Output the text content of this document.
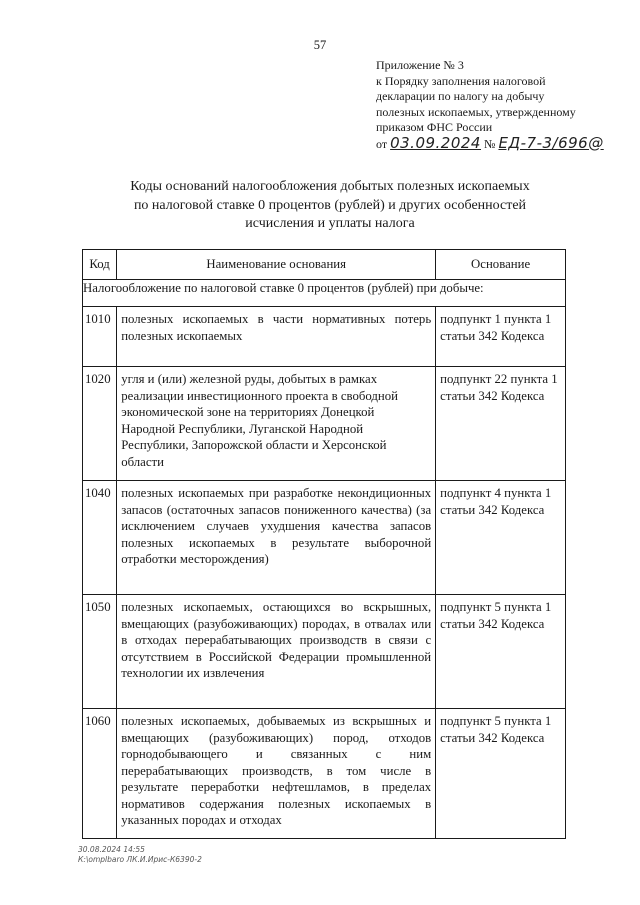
57
Приложение № 3
к Порядку заполнения налоговой
декларации по налогу на добычу
полезных ископаемых, утвержденному
приказом ФНС России
от 03.09.2024 № ЕД-7-3/696@
Коды оснований налогообложения добытых полезных ископаемых
по налоговой ставке 0 процентов (рублей) и других особенностей
исчисления и уплаты налога
Код	Наименование основания	Основание
Налогообложение по налоговой ставке 0 процентов (рублей) при добыче:		
1010	полезных ископаемых в части нормативных потерь полезных ископаемых	подпункт 1 пункта 1 статьи 342 Кодекса
1020	угля и (или) железной руды, добытых в рамках реализации инвестиционного проекта в свободной экономической зоне на территориях Донецкой Народной Республики, Луганской Народной Республики, Запорожской области и Херсонской области	подпункт 22 пункта 1 статьи 342 Кодекса
1040	полезных ископаемых при разработке некондиционных запасов (остаточных запасов пониженного качества) (за исключением случаев ухудшения качества запасов полезных ископаемых в результате выборочной отработки месторождения)	подпункт 4 пункта 1 статьи 342 Кодекса
1050	полезных ископаемых, остающихся во вскрышных, вмещающих (разубоживающих) породах, в отвалах или в отходах перерабатывающих производств в связи с отсутствием в Российской Федерации промышленной технологии их извлечения	подпункт 5 пункта 1 статьи 342 Кодекса
1060	полезных ископаемых, добываемых из вскрышных и вмещающих (разубоживающих) пород, отходов горнодобывающего и связанных с ним перерабатывающих производств, в том числе в результате переработки нефтешламов, в пределах нормативов содержания полезных ископаемых в указанных породах и отходах	подпункт 5 пункта 1 статьи 342 Кодекса
30.08.2024 14:55
К:\omplbaro ЛК.И.Ирис-К6390-2
